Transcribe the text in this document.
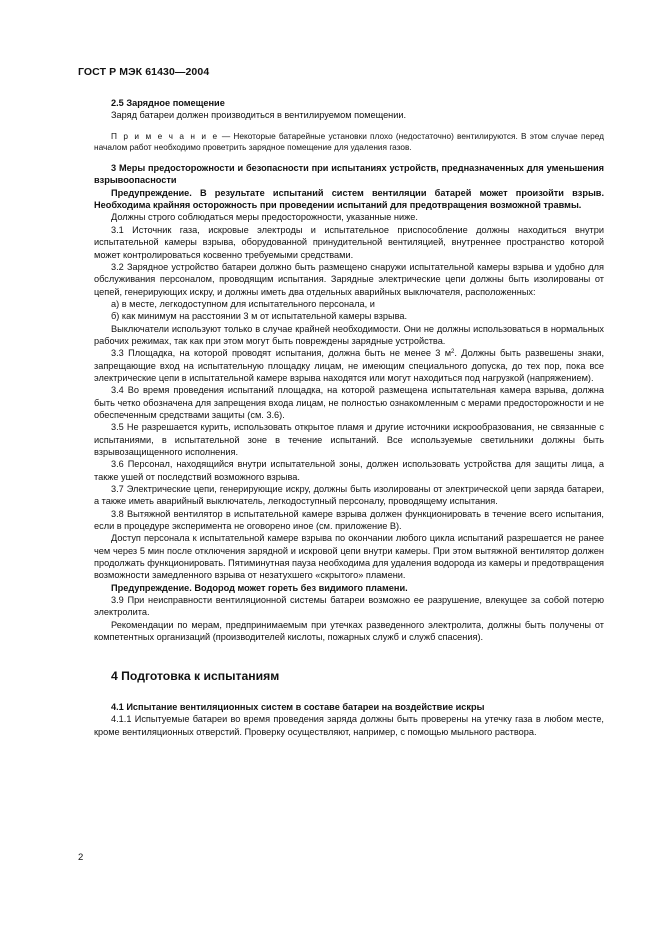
ГОСТ Р МЭК 61430—2004

2.5 Зарядное помещение

Заряд батареи должен производиться в вентилируемом помещении.

П р и м е ч а н и е — Некоторые батарейные установки плохо (недостаточно) вентилируются. В этом случае перед началом работ необходимо проветрить зарядное помещение для удаления газов.

3 Меры предосторожности и безопасности при испытаниях устройств, предназначенных для уменьшения взрывоопасности

Предупреждение. В результате испытаний систем вентиляции батарей может произойти взрыв. Необходима крайняя осторожность при проведении испытаний для предотвращения возможной травмы.

Должны строго соблюдаться меры предосторожности, указанные ниже.

3.1 Источник газа, искровые электроды и испытательное приспособление должны находиться внутри испытательной камеры взрыва, оборудованной принудительной вентиляцией, внутреннее пространство которой может контролироваться косвенно требуемыми средствами.

3.2 Зарядное устройство батареи должно быть размещено снаружи испытательной камеры взрыва и удобно для обслуживания персоналом, проводящим испытания. Зарядные электрические цепи должны быть изолированы от цепей, генерирующих искру, и должны иметь два отдельных аварийных выключателя, расположенных:

а) в месте, легкодоступном для испытательного персонала, и

б) как минимум на расстоянии 3 м от испытательной камеры взрыва.

Выключатели используют только в случае крайней необходимости. Они не должны использоваться в нормальных рабочих режимах, так как при этом могут быть повреждены зарядные устройства.

3.3 Площадка, на которой проводят испытания, должна быть не менее 3 $м^2$. Должны быть развешены знаки, запрещающие вход на испытательную площадку лицам, не имеющим специального допуска, до тех пор, пока все электрические цепи в испытательной камере взрыва находятся или могут находиться под нагрузкой (напряжением).

3.4 Во время проведения испытаний площадка, на которой размещена испытательная камера взрыва, должна быть четко обозначена для запрещения входа лицам, не полностью ознакомленным с мерами предосторожности и не обеспеченным средствами защиты (см. 3.6).

3.5 Не разрешается курить, использовать открытое пламя и другие источники искрообразования, не связанные с испытаниями, в испытательной зоне в течение испытаний. Все используемые светильники должны быть взрывозащищенного исполнения.

3.6 Персонал, находящийся внутри испытательной зоны, должен использовать устройства для защиты лица, а также ушей от последствий возможного взрыва.

3.7 Электрические цепи, генерирующие искру, должны быть изолированы от электрической цепи заряда батареи, а также иметь аварийный выключатель, легкодоступный персоналу, проводящему испытания.

3.8 Вытяжной вентилятор в испытательной камере взрыва должен функционировать в течение всего испытания, если в процедуре эксперимента не оговорено иное (см. приложение В).

Доступ персонала к испытательной камере взрыва по окончании любого цикла испытаний разрешается не ранее чем через 5 мин после отключения зарядной и искровой цепи внутри камеры. При этом вытяжной вентилятор должен продолжать функционировать. Пятиминутная пауза необходима для удаления водорода из камеры и предотвращения возможности замедленного взрыва от незатухшего «скрытого» пламени.

Предупреждение. Водород может гореть без видимого пламени.

3.9 При неисправности вентиляционной системы батареи возможно ее разрушение, влекущее за собой потерю электролита.

Рекомендации по мерам, предпринимаемым при утечках разведенного электролита, должны быть получены от компетентных организаций (производителей кислоты, пожарных служб и служб спасения).

4 Подготовка к испытаниям

4.1 Испытание вентиляционных систем в составе батареи на воздействие искры

4.1.1 Испытуемые батареи во время проведения заряда должны быть проверены на утечку газа в любом месте, кроме вентиляционных отверстий. Проверку осуществляют, например, с помощью мыльного раствора.

2
